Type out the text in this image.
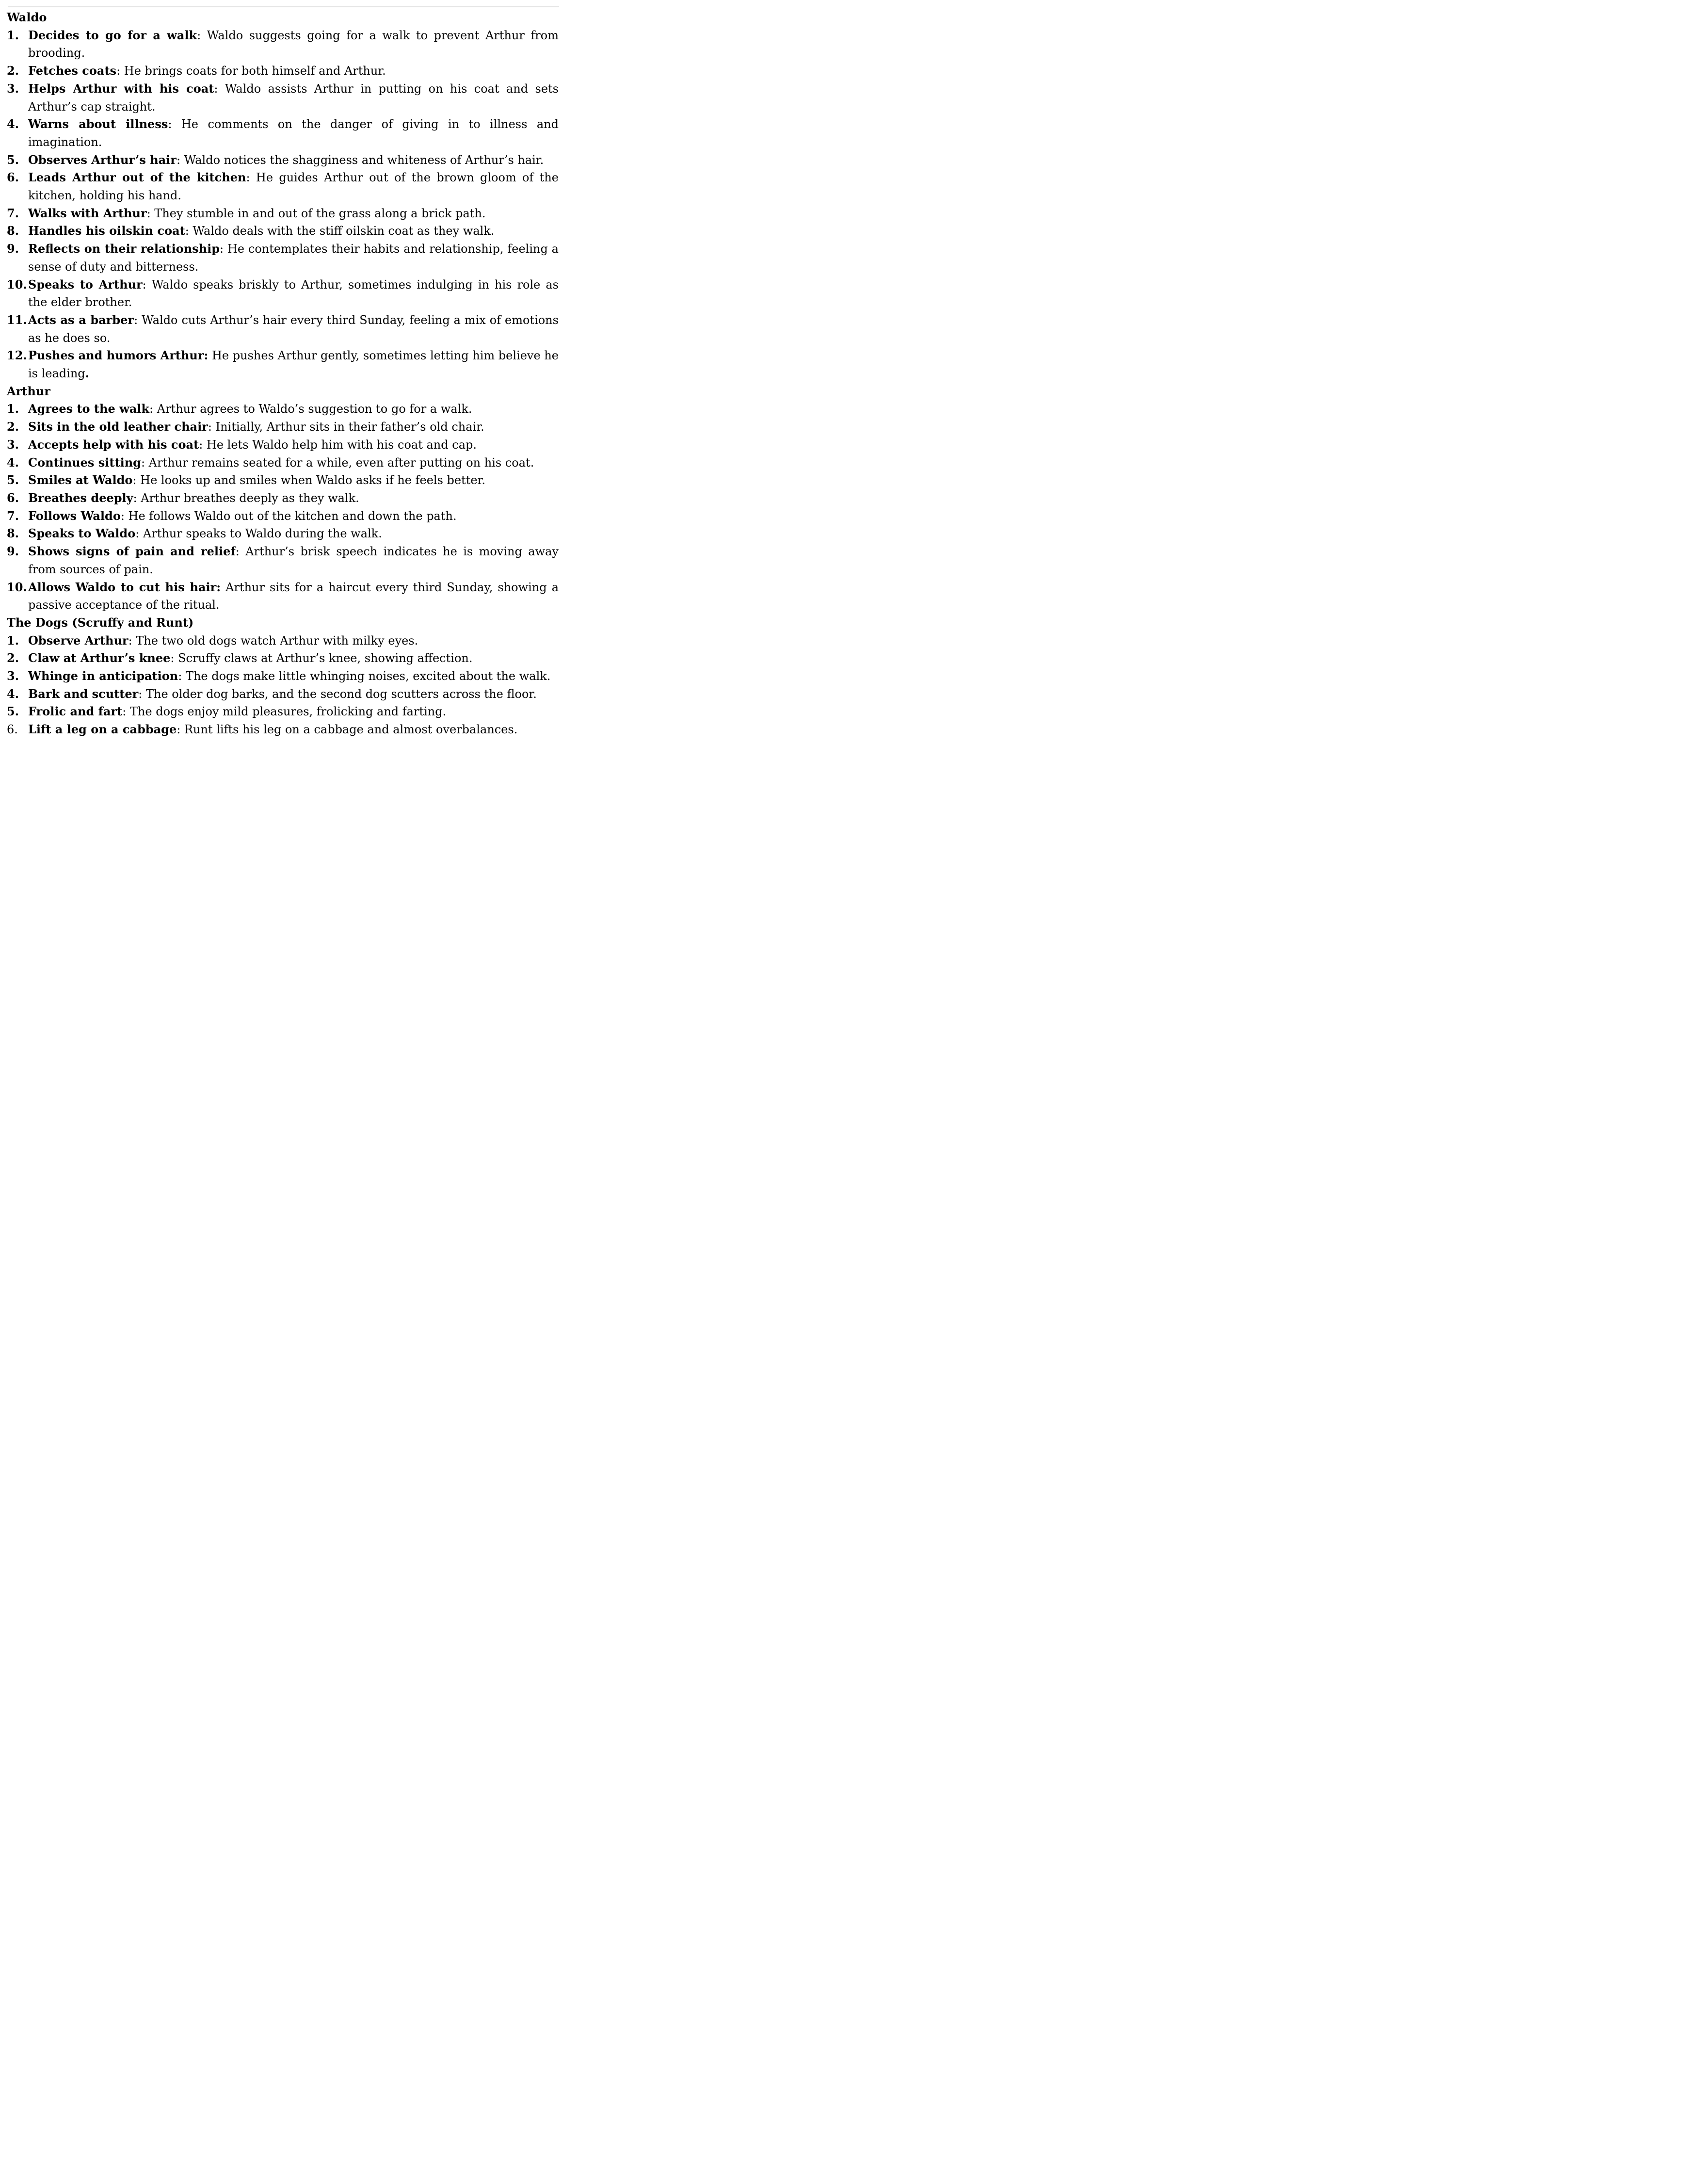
Waldo
1. Decides to go for a walk: Waldo suggests going for a walk to prevent Arthur from brooding.
2. Fetches coats: He brings coats for both himself and Arthur.
3. Helps Arthur with his coat: Waldo assists Arthur in putting on his coat and sets Arthur’s cap straight.
4. Warns about illness: He comments on the danger of giving in to illness and imagination.
5. Observes Arthur’s hair: Waldo notices the shagginess and whiteness of Arthur’s hair.
6. Leads Arthur out of the kitchen: He guides Arthur out of the brown gloom of the kitchen, holding his hand.
7. Walks with Arthur: They stumble in and out of the grass along a brick path.
8. Handles his oilskin coat: Waldo deals with the stiff oilskin coat as they walk.
9. Reflects on their relationship: He contemplates their habits and relationship, feeling a sense of duty and bitterness.
10. Speaks to Arthur: Waldo speaks briskly to Arthur, sometimes indulging in his role as the elder brother.
11. Acts as a barber: Waldo cuts Arthur’s hair every third Sunday, feeling a mix of emotions as he does so.
12. Pushes and humors Arthur: He pushes Arthur gently, sometimes letting him believe he is leading.
Arthur
1. Agrees to the walk: Arthur agrees to Waldo’s suggestion to go for a walk.
2. Sits in the old leather chair: Initially, Arthur sits in their father’s old chair.
3. Accepts help with his coat: He lets Waldo help him with his coat and cap.
4. Continues sitting: Arthur remains seated for a while, even after putting on his coat.
5. Smiles at Waldo: He looks up and smiles when Waldo asks if he feels better.
6. Breathes deeply: Arthur breathes deeply as they walk.
7. Follows Waldo: He follows Waldo out of the kitchen and down the path.
8. Speaks to Waldo: Arthur speaks to Waldo during the walk.
9. Shows signs of pain and relief: Arthur’s brisk speech indicates he is moving away from sources of pain.
10. Allows Waldo to cut his hair: Arthur sits for a haircut every third Sunday, showing a passive acceptance of the ritual.
The Dogs (Scruffy and Runt)
1. Observe Arthur: The two old dogs watch Arthur with milky eyes.
2. Claw at Arthur’s knee: Scruffy claws at Arthur’s knee, showing affection.
3. Whinge in anticipation: The dogs make little whinging noises, excited about the walk.
4. Bark and scutter: The older dog barks, and the second dog scutters across the floor.
5. Frolic and fart: The dogs enjoy mild pleasures, frolicking and farting.
6. Lift a leg on a cabbage: Runt lifts his leg on a cabbage and almost overbalances.
